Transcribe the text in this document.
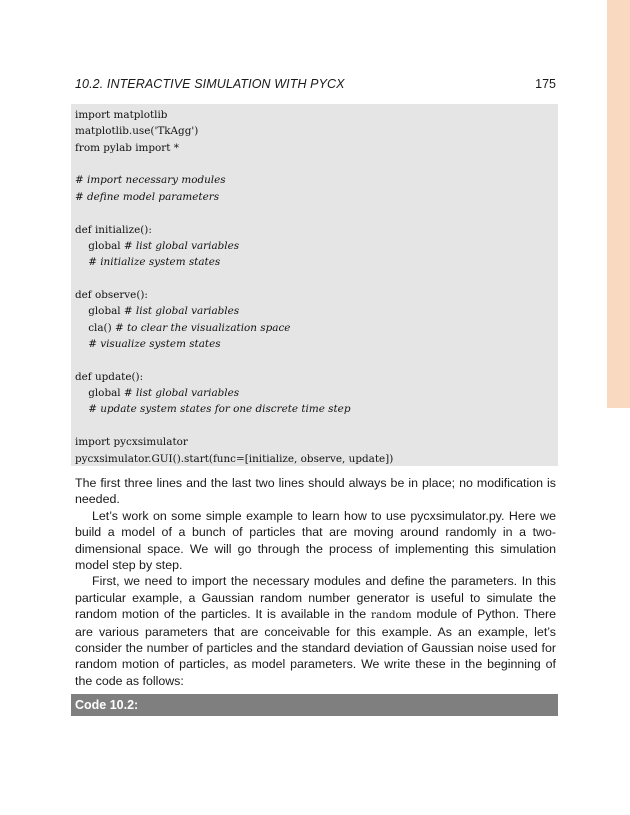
10.2. INTERACTIVE SIMULATION WITH PYCX	175
import matplotlib
matplotlib.use('TkAgg')
from pylab import *
# import necessary modules
# define model parameters
def initialize():
global # list global variables
# initialize system states
def observe():
global # list global variables
cla() # to clear the visualization space
# visualize system states
def update():
global # list global variables
# update system states for one discrete time step
import pycxsimulator
pycxsimulator.GUI().start(func=[initialize, observe, update])

The first three lines and the last two lines should always be in place; no modification is needed.

Let’s work on some simple example to learn how to use pycxsimulator.py. Here we build a model of a bunch of particles that are moving around randomly in a two-dimensional space. We will go through the process of implementing this simulation model step by step.

First, we need to import the necessary modules and define the parameters. In this particular example, a Gaussian random number generator is useful to simulate the random motion of the particles. It is available in the random module of Python. There are various parameters that are conceivable for this example. As an example, let’s consider the number of particles and the standard deviation of Gaussian noise used for random motion of particles, as model parameters. We write these in the beginning of the code as follows:

Code 10.2:
